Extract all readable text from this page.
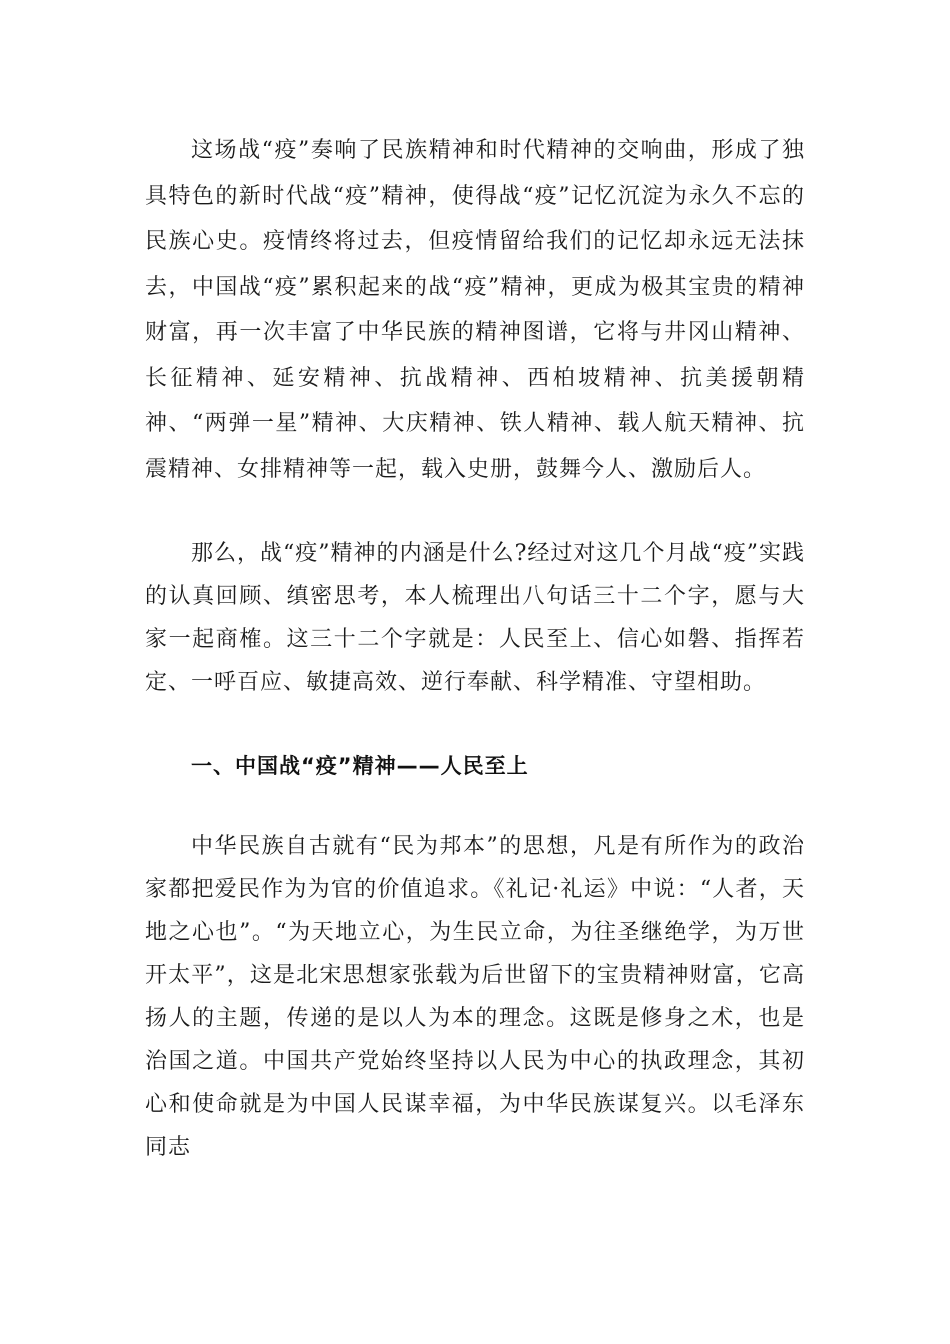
这场战“疫”奏响了民族精神和时代精神的交响曲，形成了独具特色的新时代战“疫”精神，使得战“疫”记忆沉淀为永久不忘的民族心史。疫情终将过去，但疫情留给我们的记忆却永远无法抹去，中国战“疫”累积起来的战“疫”精神，更成为极其宝贵的精神财富，再一次丰富了中华民族的精神图谱，它将与井冈山精神、长征精神、延安精神、抗战精神、西柏坡精神、抗美援朝精神、“两弹一星”精神、大庆精神、铁人精神、载人航天精神、抗震精神、女排精神等一起，载入史册，鼓舞今人、激励后人。

那么，战“疫”精神的内涵是什么?经过对这几个月战“疫”实践的认真回顾、缜密思考，本人梳理出八句话三十二个字，愿与大家一起商榷。这三十二个字就是：人民至上、信心如磐、指挥若定、一呼百应、敏捷高效、逆行奉献、科学精准、守望相助。

一、中国战“疫”精神——人民至上

中华民族自古就有“民为邦本”的思想，凡是有所作为的政治家都把爱民作为为官的价值追求。《礼记·礼运》中说：“人者，天地之心也”。“为天地立心，为生民立命，为往圣继绝学，为万世开太平”，这是北宋思想家张载为后世留下的宝贵精神财富，它高扬人的主题，传递的是以人为本的理念。这既是修身之术，也是治国之道。中国共产党始终坚持以人民为中心的执政理念，其初心和使命就是为中国人民谋幸福，为中华民族谋复兴。以毛泽东同志
